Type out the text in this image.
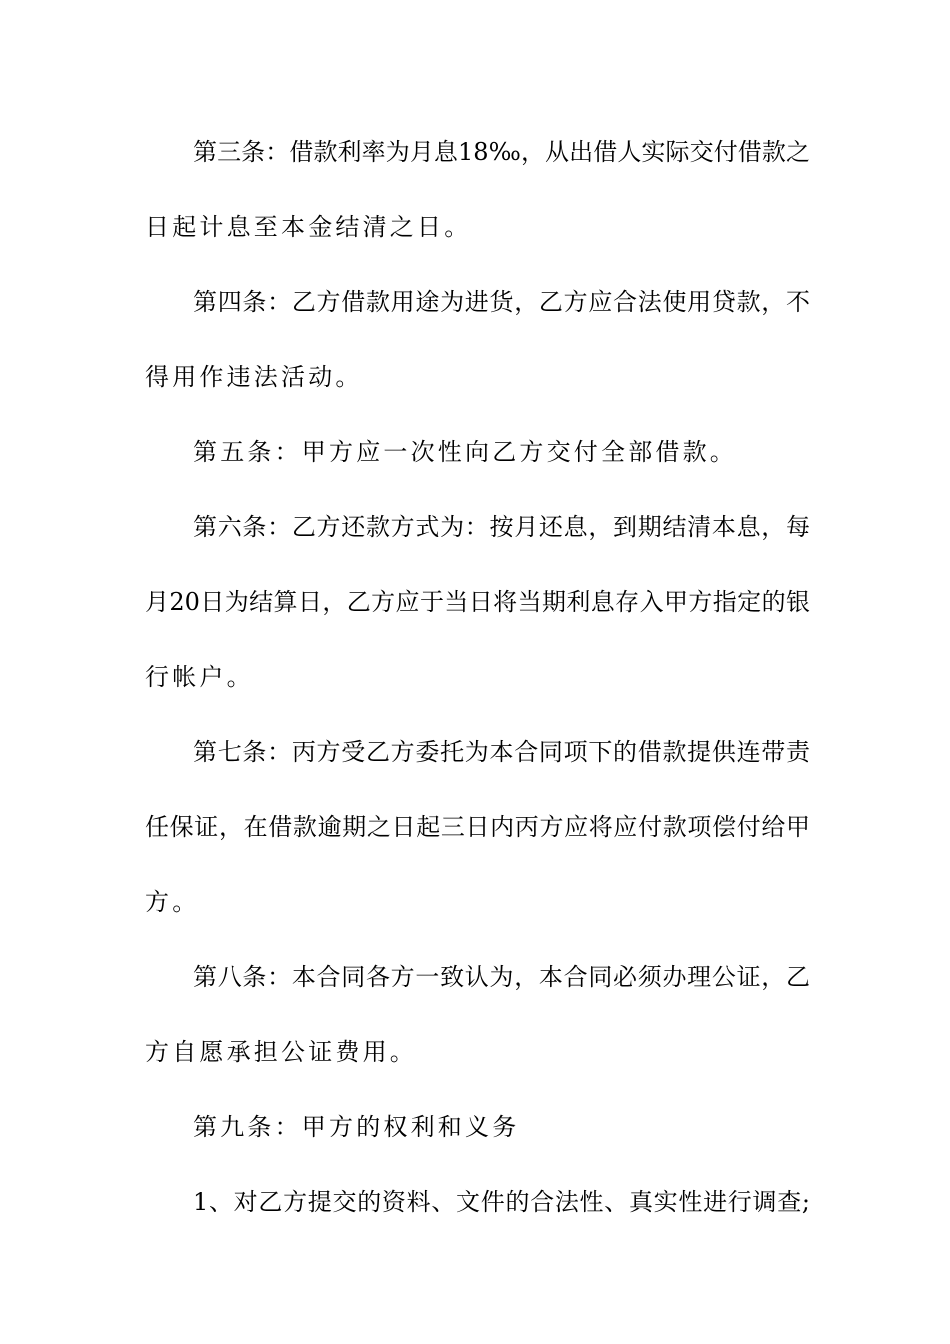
第三条：借款利率为月息18‰，从出借人实际交付借款之
日起计息至本金结清之日。
第四条：乙方借款用途为进货，乙方应合法使用贷款，不
得用作违法活动。
第五条：甲方应一次性向乙方交付全部借款。
第六条：乙方还款方式为：按月还息，到期结清本息，每
月20日为结算日，乙方应于当日将当期利息存入甲方指定的银
行帐户。
第七条：丙方受乙方委托为本合同项下的借款提供连带责
任保证，在借款逾期之日起三日内丙方应将应付款项偿付给甲
方。
第八条：本合同各方一致认为，本合同必须办理公证，乙
方自愿承担公证费用。
第九条：甲方的权利和义务
1、对乙方提交的资料、文件的合法性、真实性进行调查;
